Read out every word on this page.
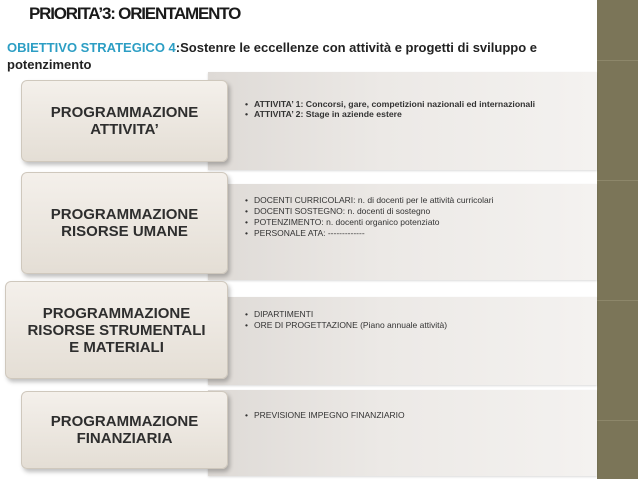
PRIORITA’3: ORIENTAMENTO
OBIETTIVO STRATEGICO 4:Sostenre le eccellenze con attività e progetti di sviluppo e potenzimento
PROGRAMMAZIONE
ATTIVITA’
• ATTIVITA’ 1: Concorsi, gare, competizioni nazionali ed internazionali
• ATTIVITA’ 2: Stage in aziende estere
PROGRAMMAZIONE
RISORSE UMANE
• DOCENTI CURRICOLARI: n. di docenti per le attività curricolari
• DOCENTI SOSTEGNO: n. docenti di sostegno
• POTENZIMENTO: n. docenti organico potenziato
• PERSONALE ATA: -------------
PROGRAMMAZIONE
RISORSE STRUMENTALI
E MATERIALI
• DIPARTIMENTI
• ORE DI PROGETTAZIONE (Piano annuale attività)
PROGRAMMAZIONE
FINANZIARIA
• PREVISIONE IMPEGNO FINANZIARIO
